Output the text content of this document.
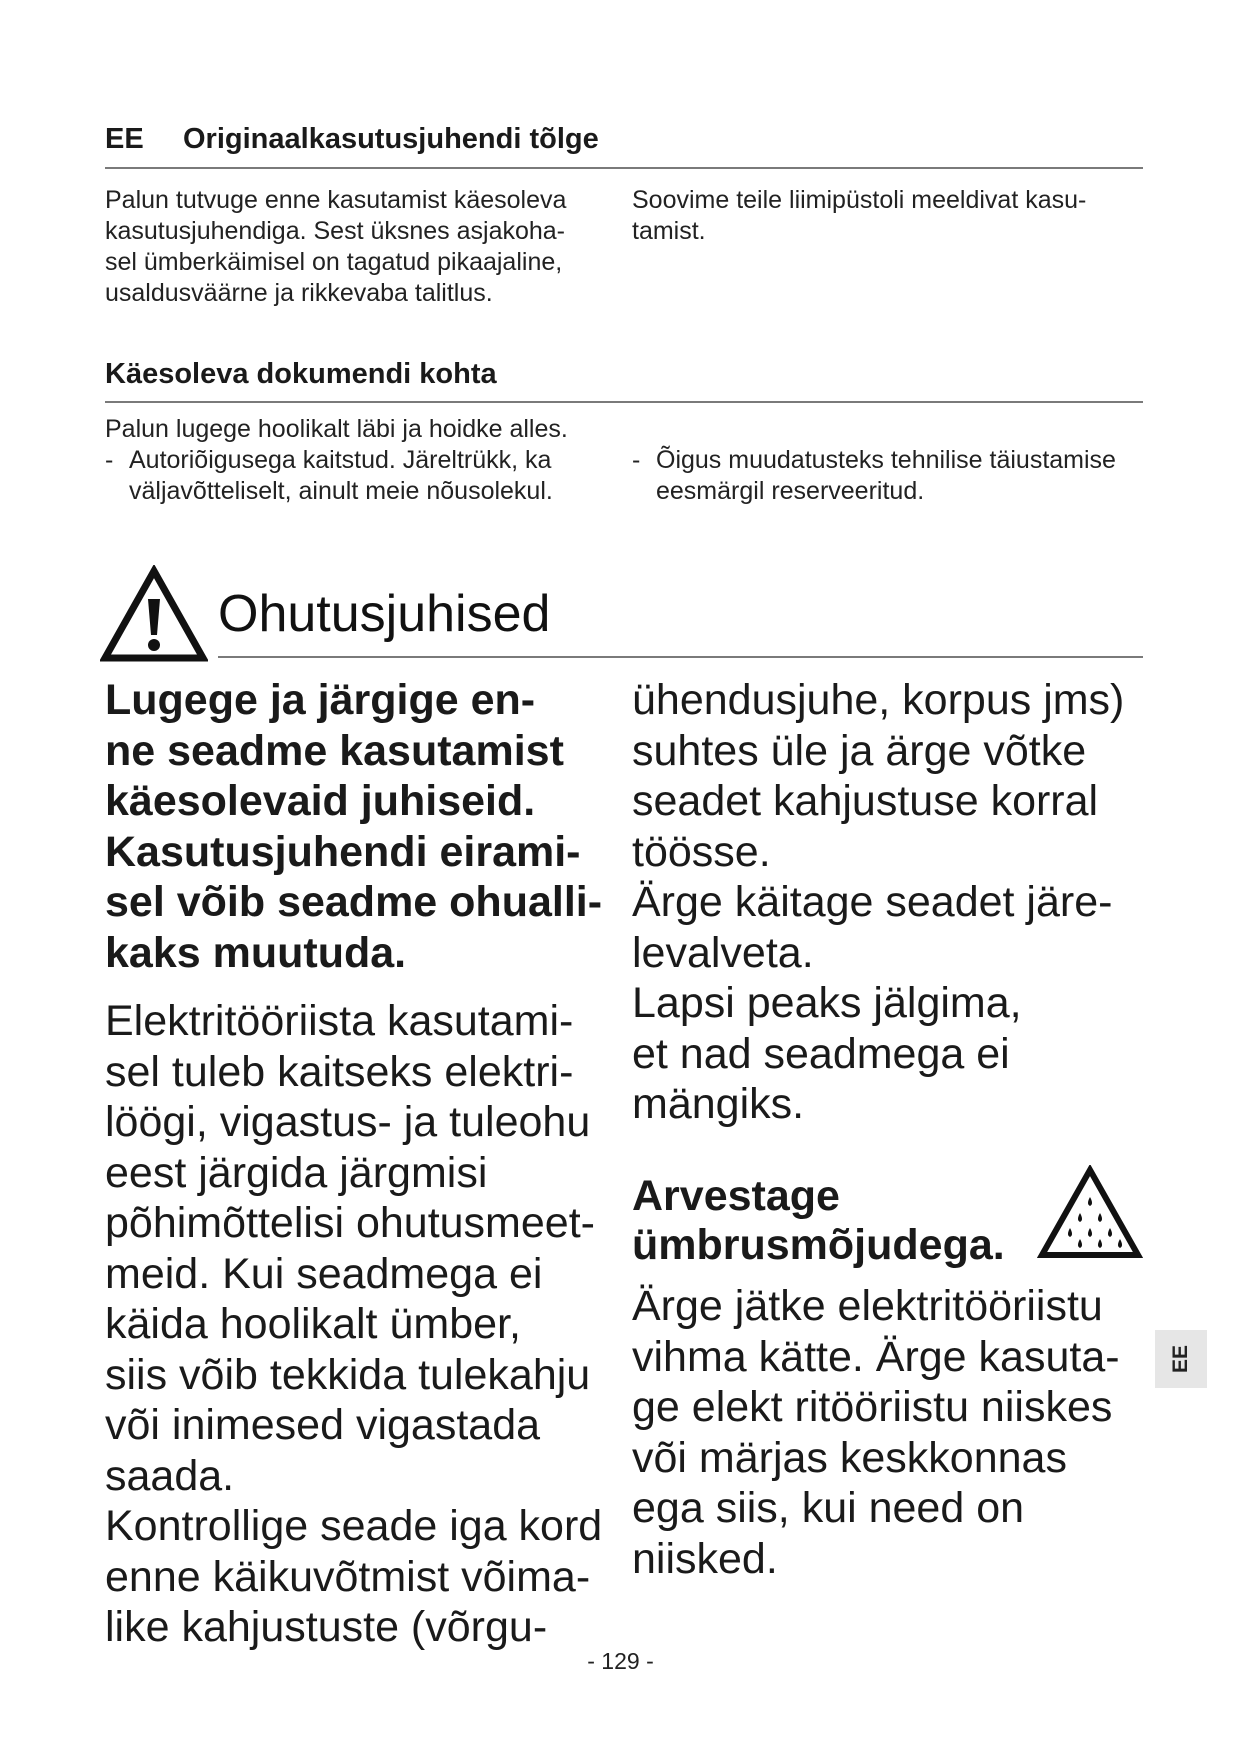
EE Originaalkasutusjuhendi tõlge

Palun tutvuge enne kasutamist käesoleva

kasutusjuhendiga. Sest üksnes asjakoha-

sel ümberkäimisel on tagatud pikaajaline,

usaldusväärne ja rikkevaba talitlus.

Soovime teile liimipüstoli meeldivat kasu-

tamist.

Käesoleva dokumendi kohta

Palun lugege hoolikalt läbi ja hoidke alles.

- Autoriõigusega kaitstud. Järeltrükk, ka

väljavõtteliselt, ainult meie nõusolekul.

- Õigus muudatusteks tehnilise täiustamise

eesmärgil reserveeritud.

Ohutusjuhised

Lugege ja järgige en-

ne seadme kasutamist

käesolevaid juhiseid.

Kasutusjuhendi eirami-

sel võib seadme ohualli-

kaks muutuda.

Elektritööriista kasutami-

sel tuleb kaitseks elektri-

löögi, vigastus- ja tuleohu

eest järgida järgmisi

põhimõttelisi ohutusmeet-

meid. Kui seadmega ei

käida hoolikalt ümber,

siis võib tekkida tulekahju

või inimesed vigastada

saada.

Kontrollige seade iga kord

enne käikuvõtmist võima-

like kahjustuste (võrgu-

ühendusjuhe, korpus jms)

suhtes üle ja ärge võtke

seadet kahjustuse korral

töösse.

Ärge käitage seadet järe-

levalveta.

Lapsi peaks jälgima,

et nad seadmega ei

mängiks.

Arvestage
ümbrusmõjudega.

Ärge jätke elektritööriistu

vihma kätte. Ärge kasuta-

ge elekt ritööriistu niiskes

või märjas keskkonnas

ega siis, kui need on

niisked.

EE
- 129 -
